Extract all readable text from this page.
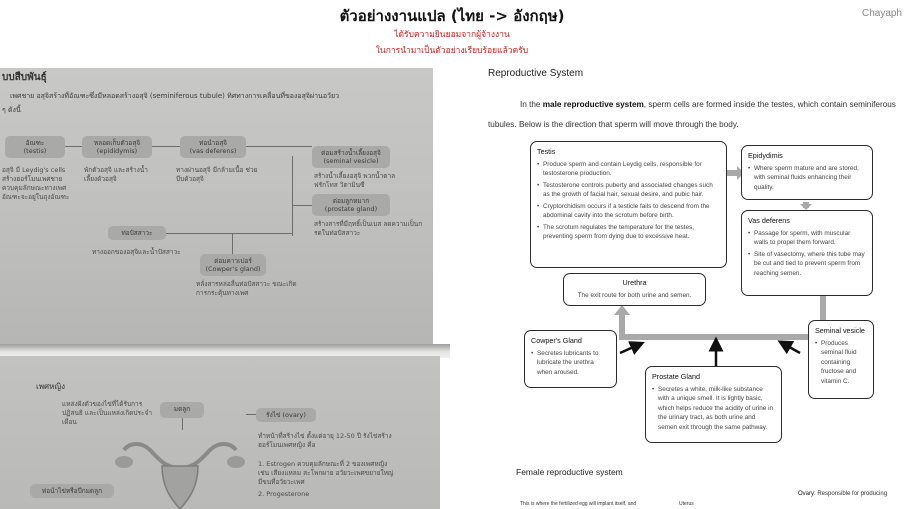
ตัวอย่างงานแปล (ไทย -> อังกฤษ)	Chayaph
ได้รับความยินยอมจากผู้จ้างงาน
ในการนำมาเป็นตัวอย่างเรียบร้อยแล้วครับ
บบสืบพันธุ์
เพศชาย อสุจิสร้างที่อัณฑะซึ่งมีหลอดสร้างอสุจิ (seminiferous tubule) ทิศทางการเคลื่อนที่ของอสุจิผ่านอวัยว
ๆ ดังนี้
อัณฑะ
(testis)
หลอดเก็บตัวอสุจิ
(epididymis)
ท่อนำอสุจิ
(vas deferens)	ต่อมสร้างน้ำเลี้ยงอสุจิ
(seminal vesicle)
ต่อมลูกหมาก
(prostate gland)
ท่อปัสสาวะ
ต่อมคาวเปอร์
(Cowper's gland)
อสุจิ มี Leydig's cells สร้างฮอร์โมนเพศชาย ควบคุมลักษณะทางเพศ อัณฑะจะอยู่ในถุงอัณฑะ
พักตัวอสุจิ และสร้างน้ำเลี้ยงตัวอสุจิ
ทางผ่านอสุจิ มีกล้ามเนื้อ ช่วยบีบตัวอสุจิ	สร้างน้ำเลี้ยงอสุจิ พวกน้ำตาลฟรักโทส วิตามินซี
สร้างสารที่มีฤทธิ์เป็นเบส ลดความเป็นกรดในท่อปัสสาวะ
ทางออกของอสุจิและน้ำปัสสาวะ
หลั่งสารหล่อลื่นท่อปัสสาวะ ขณะเกิดการกระตุ้นทางเพศ
เพศหญิง
แหล่งฝังตัวของไข่ที่ได้รับการปฏิสนธิ และเป็นแหล่งเกิดประจำเดือน
มดลูก
รังไข่ (ovary)
ทำหน้าที่สร้างไข่ ตั้งแต่อายุ 12-50 ปี รังไข่สร้างฮอร์โมนเพศหญิง คือ
1. Estrogen ควบคุมลักษณะที่ 2 ของเพศหญิง
เช่น เสียงแหลม สะโพกผาย อวัยวะเพศขยายใหญ่
มีขนที่อวัยวะเพศ
2. Progesterone
ท่อนำไข่หรือปีกมดลูก
Reproductive System
In the male reproductive system, sperm cells are formed inside the testes, which contain seminiferous tubules. Below is the direction that sperm will move through the body.
Testis
• Produce sperm and contain Leydig cells, responsible for testosterone production.
• Testosterone controls puberty and associated changes such as the growth of facial hair, sexual desire, and pubic hair.
• Cryptorchidism occurs if a testicle fails to descend from the abdominal cavity into the scrotum before birth.
• The scrotum regulates the temperature for the testes, preventing sperm from dying due to excessive heat.
Epidydimis
• Where sperm mature and are stored, with seminal fluids enhancing their quality.
Vas deferens
• Passage for sperm, with muscular walls to propel them forward.
• Site of vasectomy, where this tube may be cut and tied to prevent sperm from reaching semen.
Urethra
The exit route for both urine and semen.
Cowper's Gland
• Secretes lubricants to lubricate the urethra when aroused.	Prostate Gland
• Secretes a white, milk-like substance with a unique smell. It is lightly basic, which helps reduce the acidity of urine in the urinary tract, as both urine and semen exit through the same pathway.
Seminal vesicle
• Produces seminal fluid containing fructose and vitamin C.
Female reproductive system
This is where the fertilized egg will implant itself, and	Uterus
Ovary: Responsible for producing
